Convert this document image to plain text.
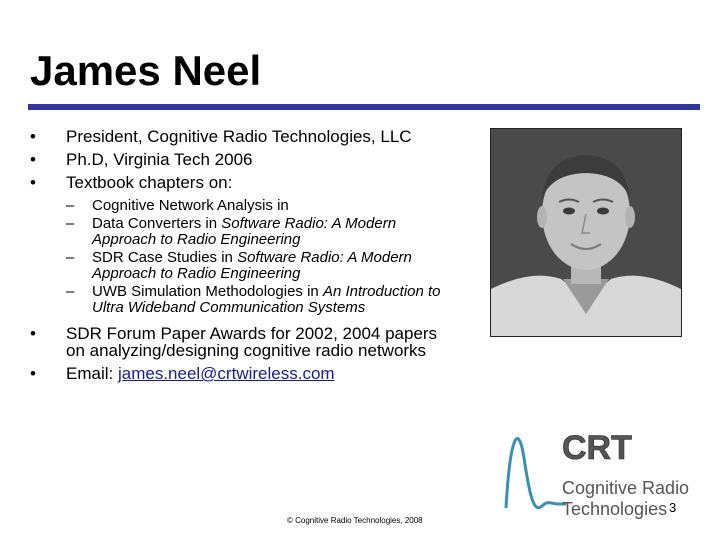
James Neel
• President, Cognitive Radio Technologies, LLC
• Ph.D, Virginia Tech 2006
• Textbook chapters on:
– Cognitive Network Analysis in
– Data Converters in Software Radio: A Modern Approach to Radio Engineering
– SDR Case Studies in Software Radio: A Modern Approach to Radio Engineering
– UWB Simulation Methodologies in An Introduction to Ultra Wideband Communication Systems
• SDR Forum Paper Awards for 2002, 2004 papers on analyzing/designing cognitive radio networks
• Email: james.neel@crtwireless.com
CRT
Cognitive Radio
Technologies 3
© Cognitive Radio Technologies, 2008
